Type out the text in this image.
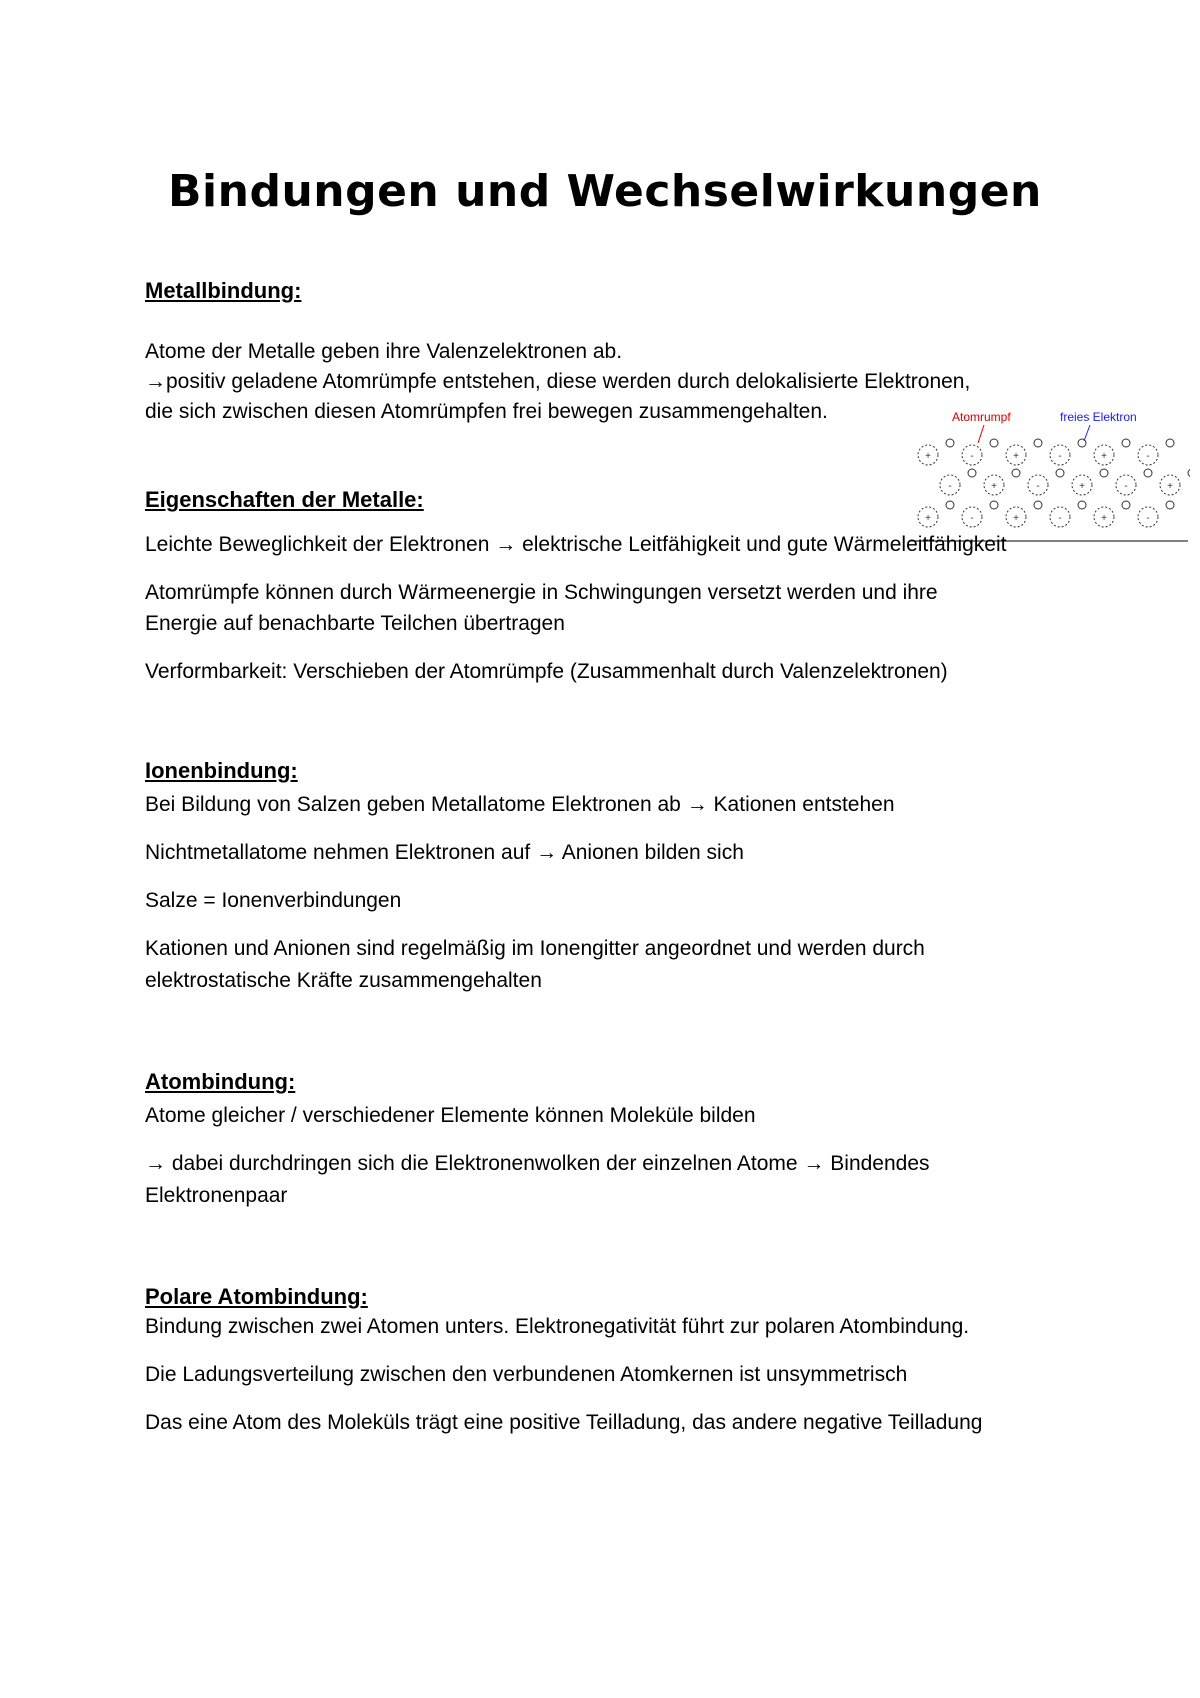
Bindungen und Wechselwirkungen

Metallbindung:

Atome der Metalle geben ihre Valenzelektronen ab.

→positiv geladene Atomrümpfe entstehen, diese werden durch delokalisierte Elektronen,

die sich zwischen diesen Atomrümpfen frei bewegen zusammengehalten.	Atomrumpf	freies Elektron
+	-	+	-	+	-
-	+	-	+	-	+
+	-	+	-	+	-

Eigenschaften der Metalle:

Leichte Beweglichkeit der Elektronen → elektrische Leitfähigkeit und gute Wärmeleitfähigkeit

Atomrümpfe können durch Wärmeenergie in Schwingungen versetzt werden und ihre

Energie auf benachbarte Teilchen übertragen

Verformbarkeit: Verschieben der Atomrümpfe (Zusammenhalt durch Valenzelektronen)

Ionenbindung:

Bei Bildung von Salzen geben Metallatome Elektronen ab → Kationen entstehen

Nichtmetallatome nehmen Elektronen auf → Anionen bilden sich

Salze = Ionenverbindungen

Kationen und Anionen sind regelmäßig im Ionengitter angeordnet und werden durch

elektrostatische Kräfte zusammengehalten

Atombindung:

Atome gleicher / verschiedener Elemente können Moleküle bilden

→ dabei durchdringen sich die Elektronenwolken der einzelnen Atome → Bindendes

Elektronenpaar

Polare Atombindung:

Bindung zwischen zwei Atomen unters. Elektronegativität führt zur polaren Atombindung.

Die Ladungsverteilung zwischen den verbundenen Atomkernen ist unsymmetrisch

Das eine Atom des Moleküls trägt eine positive Teilladung, das andere negative Teilladung
